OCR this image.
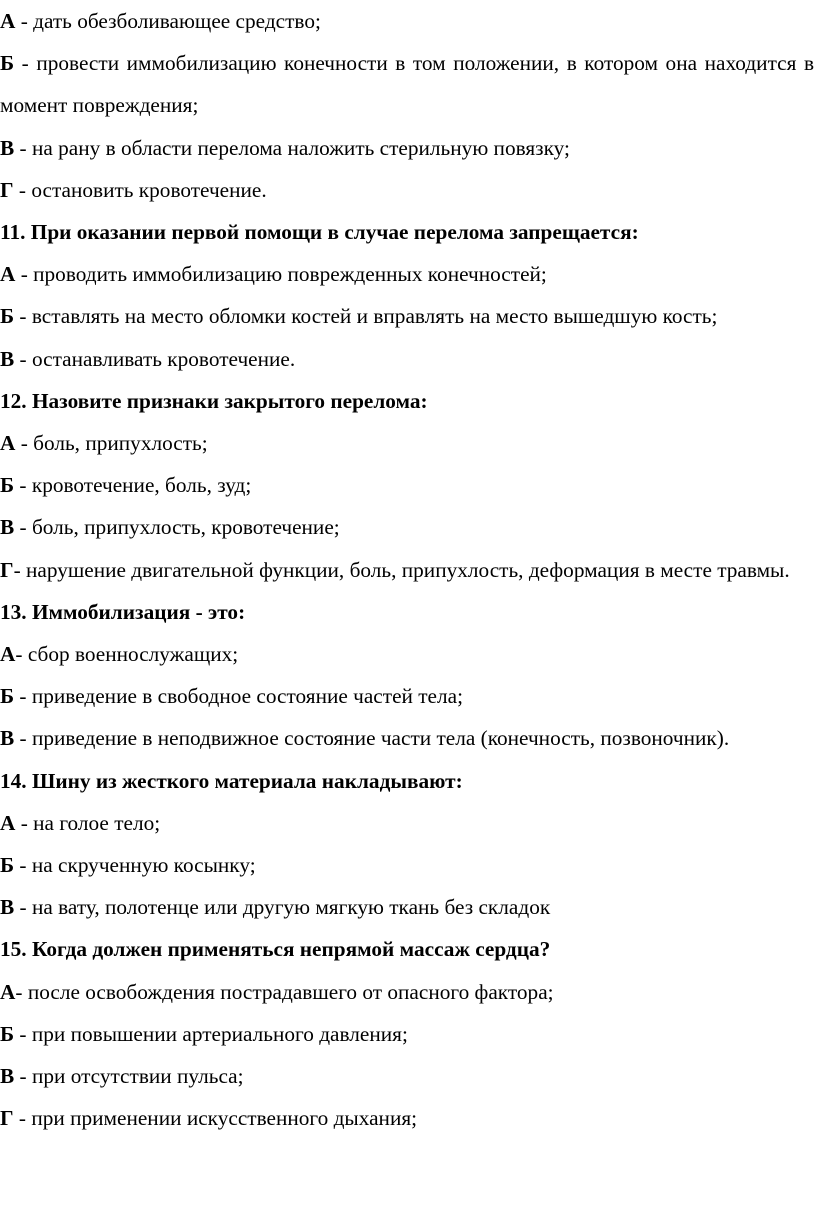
А - дать обезболивающее средство;

Б - провести иммобилизацию конечности в том положении, в котором она находится в момент повреждения;

В - на рану в области перелома наложить стерильную повязку;

Г - остановить кровотечение.

11. При оказании первой помощи в случае перелома запрещается:

А - проводить иммобилизацию поврежденных конечностей;

Б - вставлять на место обломки костей и вправлять на место вышедшую кость;

В - останавливать кровотечение.

12. Назовите признаки закрытого перелома:

А - боль, припухлость;

Б - кровотечение, боль, зуд;

В - боль, припухлость, кровотечение;

Г- нарушение двигательной функции, боль, припухлость, деформация в месте травмы.

13. Иммобилизация - это:

А- сбор военнослужащих;

Б - приведение в свободное состояние частей тела;

В - приведение в неподвижное состояние части тела (конечность, позвоночник).

14. Шину из жесткого материала накладывают:

А - на голое тело;

Б - на скрученную косынку;

В - на вату, полотенце или другую мягкую ткань без складок

15. Когда должен применяться непрямой массаж сердца?

А- после освобождения пострадавшего от опасного фактора;

Б - при повышении артериального давления;

В - при отсутствии пульса;

Г - при применении искусственного дыхания;
